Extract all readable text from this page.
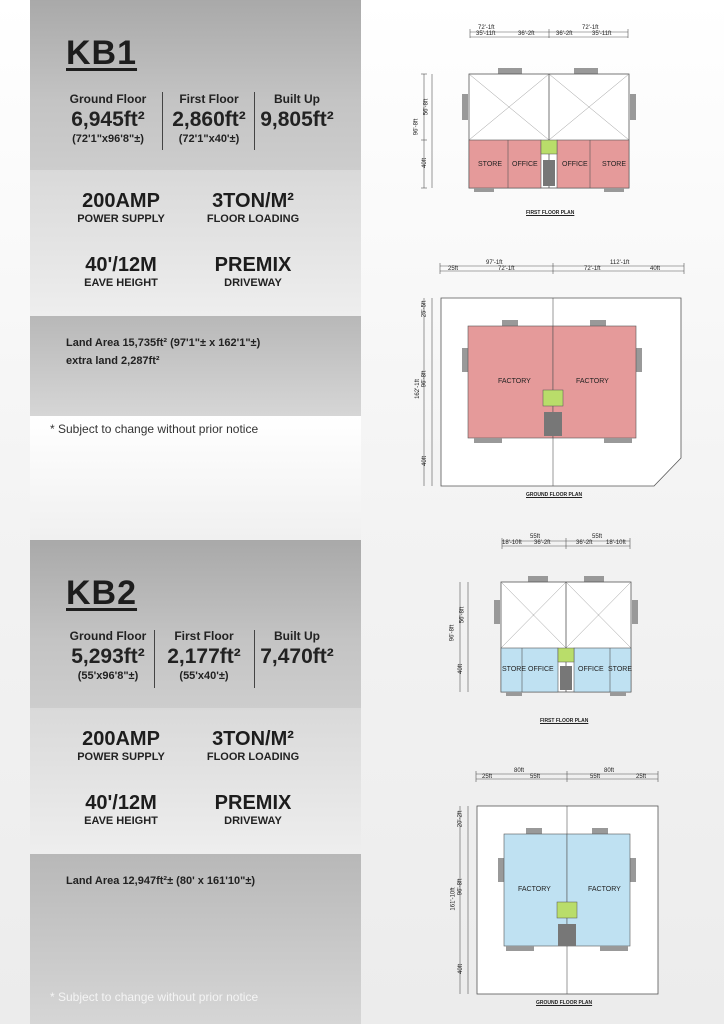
KB1
Ground Floor
6,945ft²
(72'1"x96'8"±)
First Floor
2,860ft²
(72'1"x40'±)
Built Up
9,805ft²
200AMP
POWER SUPPLY
3TON/M²
FLOOR LOADING
40'/12M
EAVE HEIGHT
PREMIX
DRIVEWAY
Land Area 15,735ft² (97'1"± x 162'1"±)
extra land 2,287ft²
* Subject to change without prior notice
KB2
Ground Floor
5,293ft²
(55'x96'8"±)
First Floor
2,177ft²
(55'x40'±)
Built Up
7,470ft²
200AMP
POWER SUPPLY
3TON/M²
FLOOR LOADING
40'/12M
EAVE HEIGHT
PREMIX
DRIVEWAY
Land Area 12,947ft²± (80' x 161'10"±)
* Subject to change without prior notice
72'-1ft	72'-1ft
35'-11ft	36'-2ft	36'-2ft	35'-11ft
96'-8ft
56'-8ft
40ft	STORE OFFICE	OFFICE STORE
FIRST FLOOR PLAN
97'-1ft	112'-1ft
25ft	72'-1ft	72'-1ft	40ft
25'-5ft
162'-1ft
96'-8ft
40ft
FACTORY	FACTORY
GROUND FLOOR PLAN
55ft	55ft
18'-10ft 36'-2ft	36'-2ft 18'-10ft
96'-8ft
56'-8ft
40ft	STORE OFFICE	OFFICE STORE
FIRST FLOOR PLAN
80ft	80ft
25ft	55ft	55ft	25ft
20'-2ft
161'-10ft
96'-8ft
40ft
FACTORY	FACTORY
GROUND FLOOR PLAN
